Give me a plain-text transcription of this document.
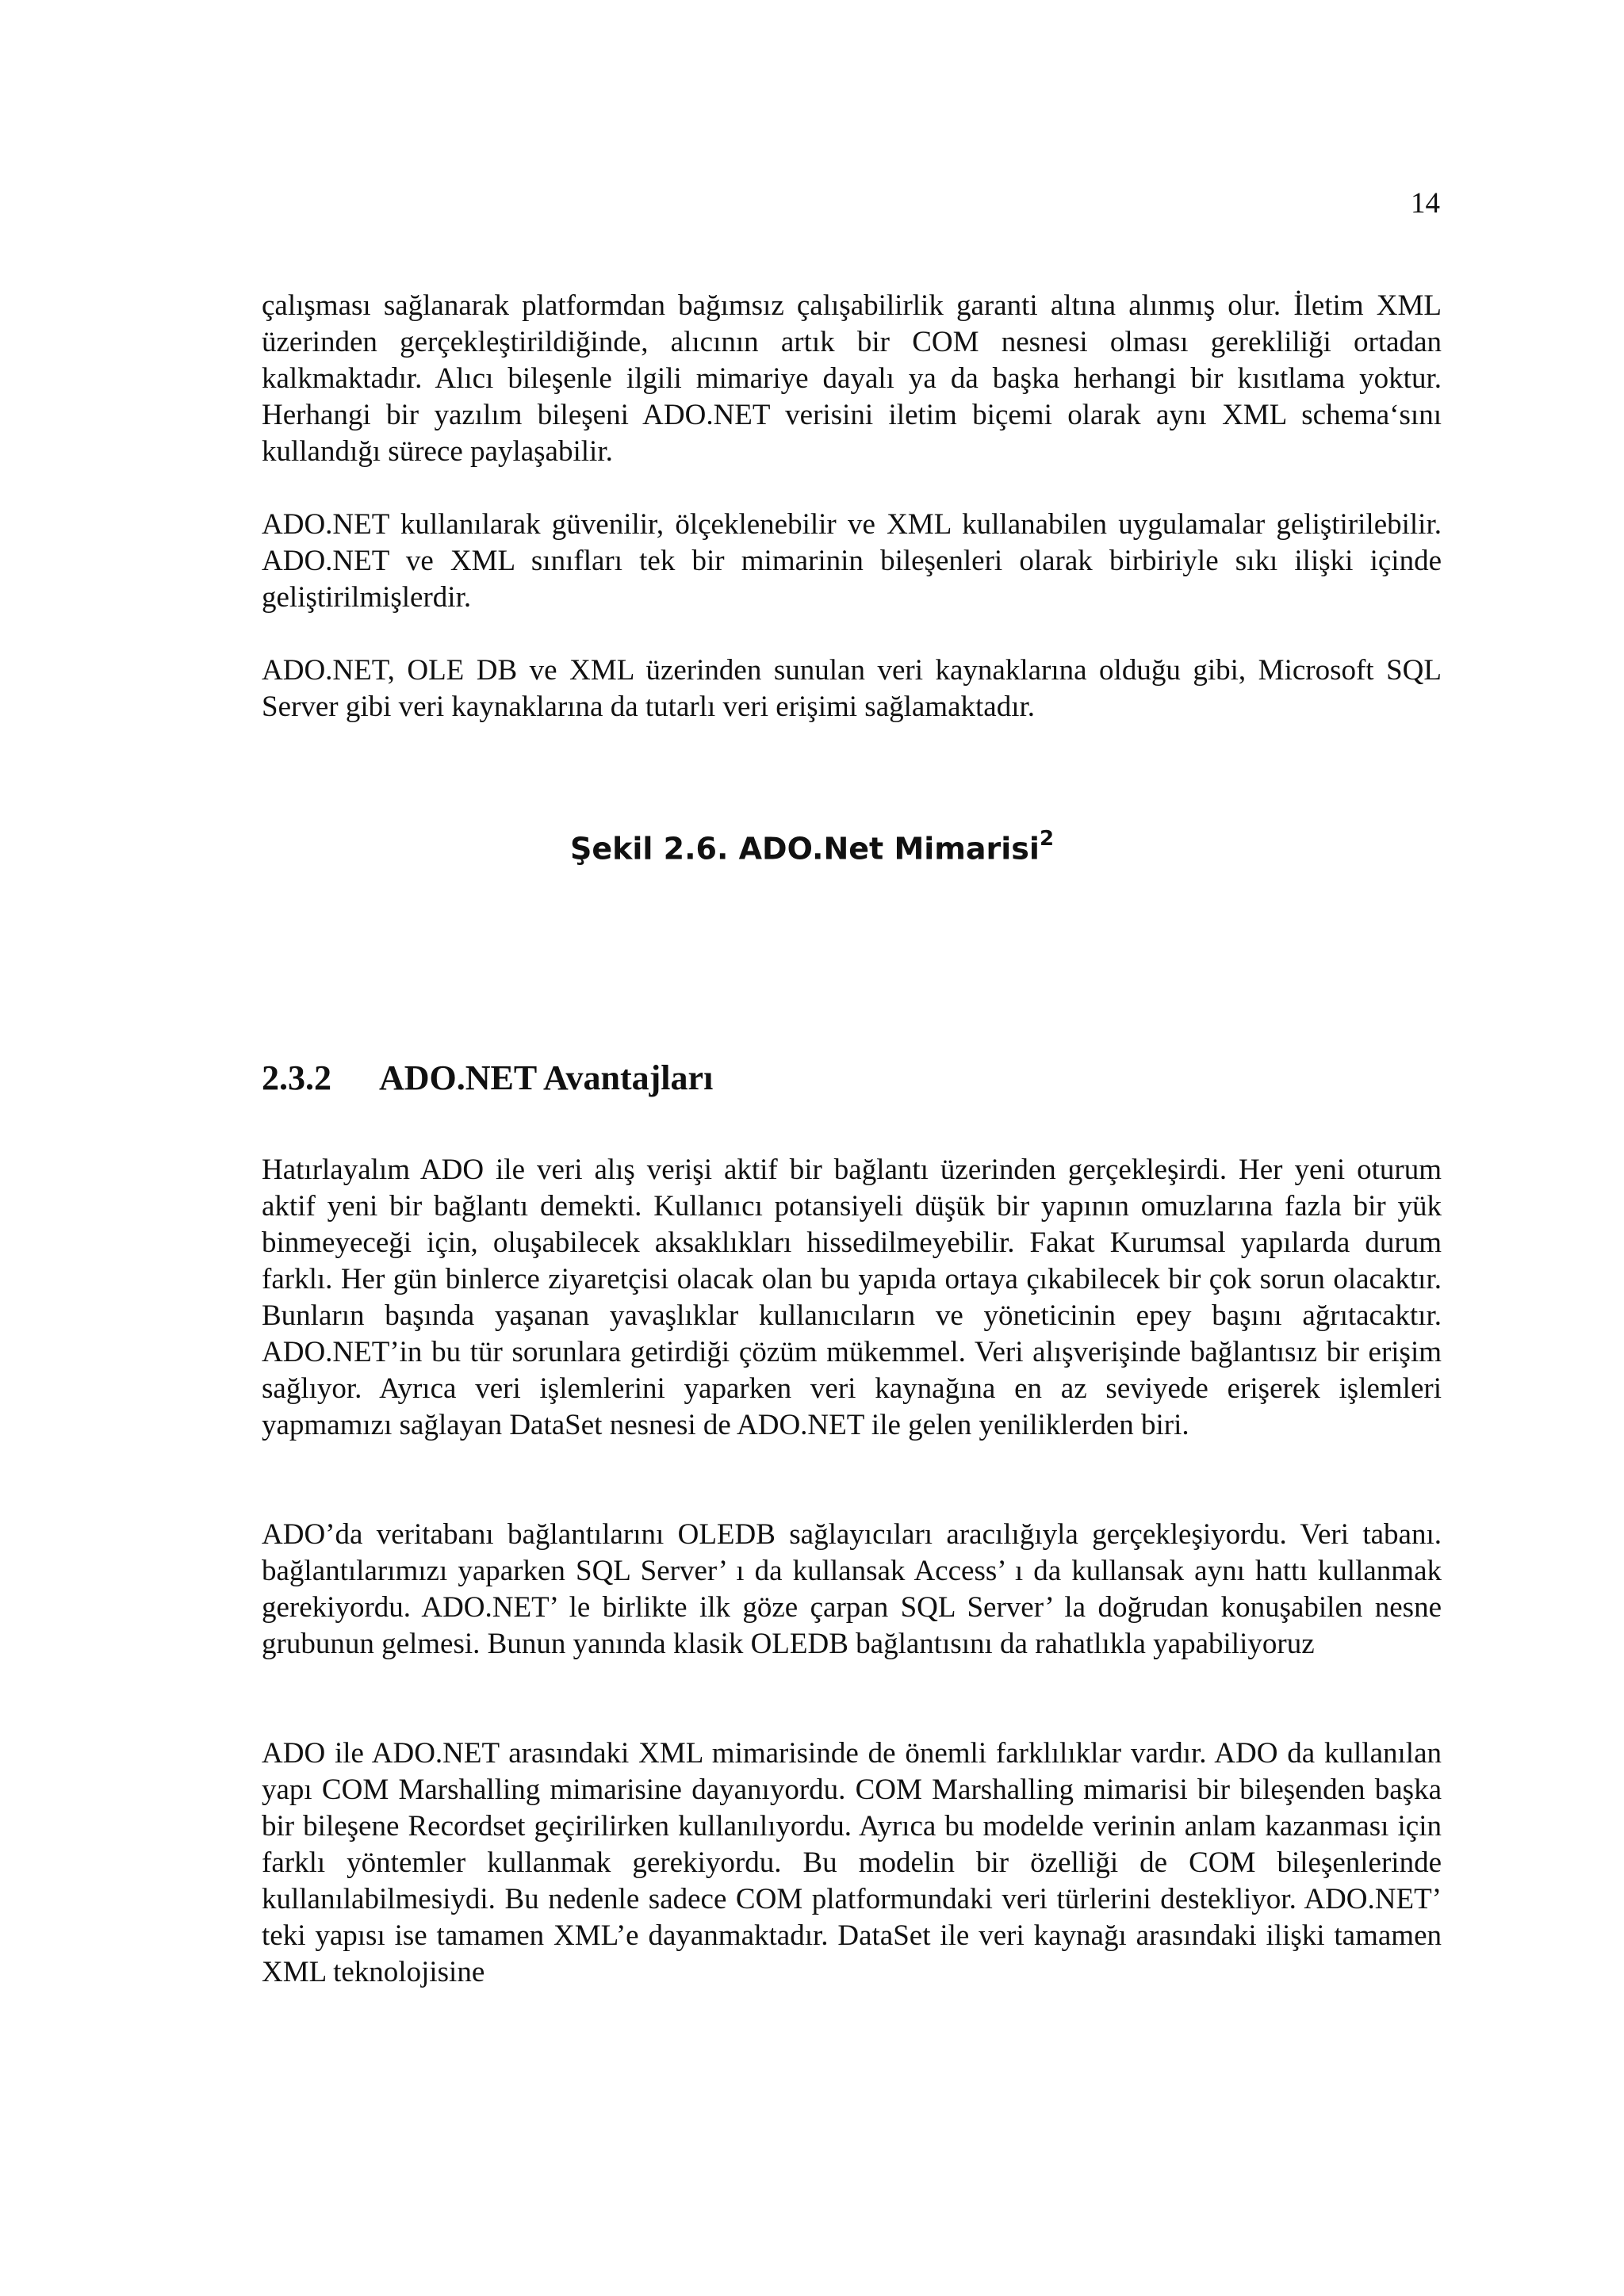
14

çalışması sağlanarak platformdan bağımsız çalışabilirlik garanti altına alınmış olur. İletim XML üzerinden gerçekleştirildiğinde, alıcının artık bir COM nesnesi olması gerekliliği ortadan kalkmaktadır. Alıcı bileşenle ilgili mimariye dayalı ya da başka herhangi bir kısıtlama yoktur. Herhangi bir yazılım bileşeni ADO.NET verisini iletim biçemi olarak aynı XML schema‘sını kullandığı sürece paylaşabilir.

ADO.NET kullanılarak güvenilir, ölçeklenebilir ve XML kullanabilen uygulamalar geliştirilebilir. ADO.NET ve XML sınıfları tek bir mimarinin bileşenleri olarak birbiriyle sıkı ilişki içinde geliştirilmişlerdir.

ADO.NET, OLE DB ve XML üzerinden sunulan veri kaynaklarına olduğu gibi, Microsoft SQL Server gibi veri kaynaklarına da tutarlı veri erişimi sağlamaktadır.

Şekil 2.6. ADO.Net Mimarisi$^2$
2.3.2	ADO.NET Avantajları

Hatırlayalım ADO ile veri alış verişi aktif bir bağlantı üzerinden gerçekleşirdi. Her yeni oturum aktif yeni bir bağlantı demekti. Kullanıcı potansiyeli düşük bir yapının omuzlarına fazla bir yük binmeyeceği için, oluşabilecek aksaklıkları hissedilmeyebilir. Fakat Kurumsal yapılarda durum farklı. Her gün binlerce ziyaretçisi olacak olan bu yapıda ortaya çıkabilecek bir çok sorun olacaktır. Bunların başında yaşanan yavaşlıklar kullanıcıların ve yöneticinin epey başını ağrıtacaktır. ADO.NET’in bu tür sorunlara getirdiği çözüm mükemmel. Veri alışverişinde bağlantısız bir erişim sağlıyor. Ayrıca veri işlemlerini yaparken veri kaynağına en az seviyede erişerek işlemleri yapmamızı sağlayan DataSet nesnesi de ADO.NET ile gelen yeniliklerden biri.

.
ADO’da veritabanı bağlantılarını OLEDB sağlayıcıları aracılığıyla gerçekleşiyordu. Veri tabanı bağlantılarımızı yaparken SQL Server’ ı da kullansak Access’ ı da kullansak aynı hattı kullanmak gerekiyordu. ADO.NET’ le birlikte ilk göze çarpan SQL Server’ la doğrudan konuşabilen nesne grubunun gelmesi. Bunun yanında klasik OLEDB bağlantısını da rahatlıkla yapabiliyoruz

ADO ile ADO.NET arasındaki XML mimarisinde de önemli farklılıklar vardır. ADO da kullanılan yapı COM Marshalling mimarisine dayanıyordu. COM Marshalling mimarisi bir bileşenden başka bir bileşene Recordset geçirilirken kullanılıyordu. Ayrıca bu modelde verinin anlam kazanması için farklı yöntemler kullanmak gerekiyordu. Bu modelin bir özelliği de COM bileşenlerinde kullanılabilmesiydi. Bu nedenle sadece COM platformundaki veri türlerini destekliyor. ADO.NET’ teki yapısı ise tamamen XML’e dayanmaktadır. DataSet ile veri kaynağı arasındaki ilişki tamamen XML teknolojisine
